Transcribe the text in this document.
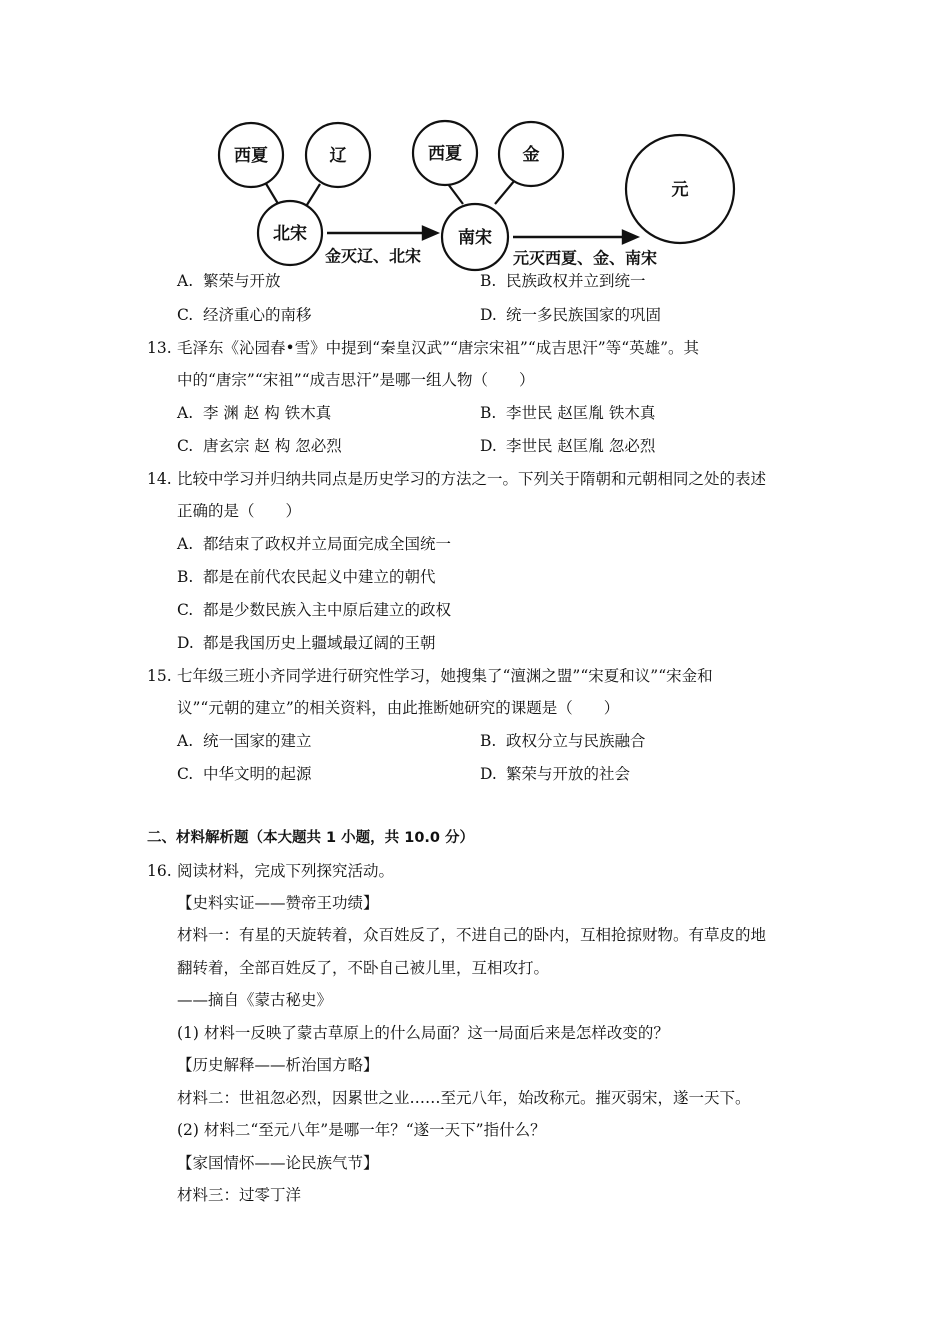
西夏	辽
北宋
西夏	金
南宋
元
金灭辽、北宋	元灭西夏、金、南宋
A. 繁荣与开放	B. 民族政权并立到统一
C. 经济重心的南移	D. 统一多民族国家的巩固
13. 毛泽东《沁园春•雪》中提到“秦皇汉武”“唐宗宋祖”“成吉思汗”等“英雄”。其
中的“唐宗”“宋祖”“成吉思汗”是哪一组人物（　　）
A. 李 渊 赵 构 铁木真	B. 李世民 赵匡胤 铁木真
C. 唐玄宗 赵 构 忽必烈	D. 李世民 赵匡胤 忽必烈
14. 比较中学习并归纳共同点是历史学习的方法之一。下列关于隋朝和元朝相同之处的表述
正确的是（　　）
A. 都结束了政权并立局面完成全国统一
B. 都是在前代农民起义中建立的朝代
C. 都是少数民族入主中原后建立的政权
D. 都是我国历史上疆域最辽阔的王朝
15. 七年级三班小齐同学进行研究性学习，她搜集了“澶渊之盟”“宋夏和议”“宋金和
议”“元朝的建立”的相关资料，由此推断她研究的课题是（　　）
A. 统一国家的建立	B. 政权分立与民族融合
C. 中华文明的起源	D. 繁荣与开放的社会
二、材料解析题（本大题共 1 小题，共 10.0 分）
16. 阅读材料，完成下列探究活动。
【史料实证——赞帝王功绩】
材料一：有星的天旋转着，众百姓反了，不进自己的卧内，互相抢掠财物。有草皮的地
翻转着，全部百姓反了，不卧自己被儿里，互相攻打。
——摘自《蒙古秘史》
(1) 材料一反映了蒙古草原上的什么局面？这一局面后来是怎样改变的？
【历史解释——析治国方略】
材料二：世祖忽必烈，因累世之业……至元八年，始改称元。摧灭弱宋，遂一天下。
(2) 材料二“至元八年”是哪一年？“遂一天下”指什么？
【家国情怀——论民族气节】
材料三：过零丁洋
